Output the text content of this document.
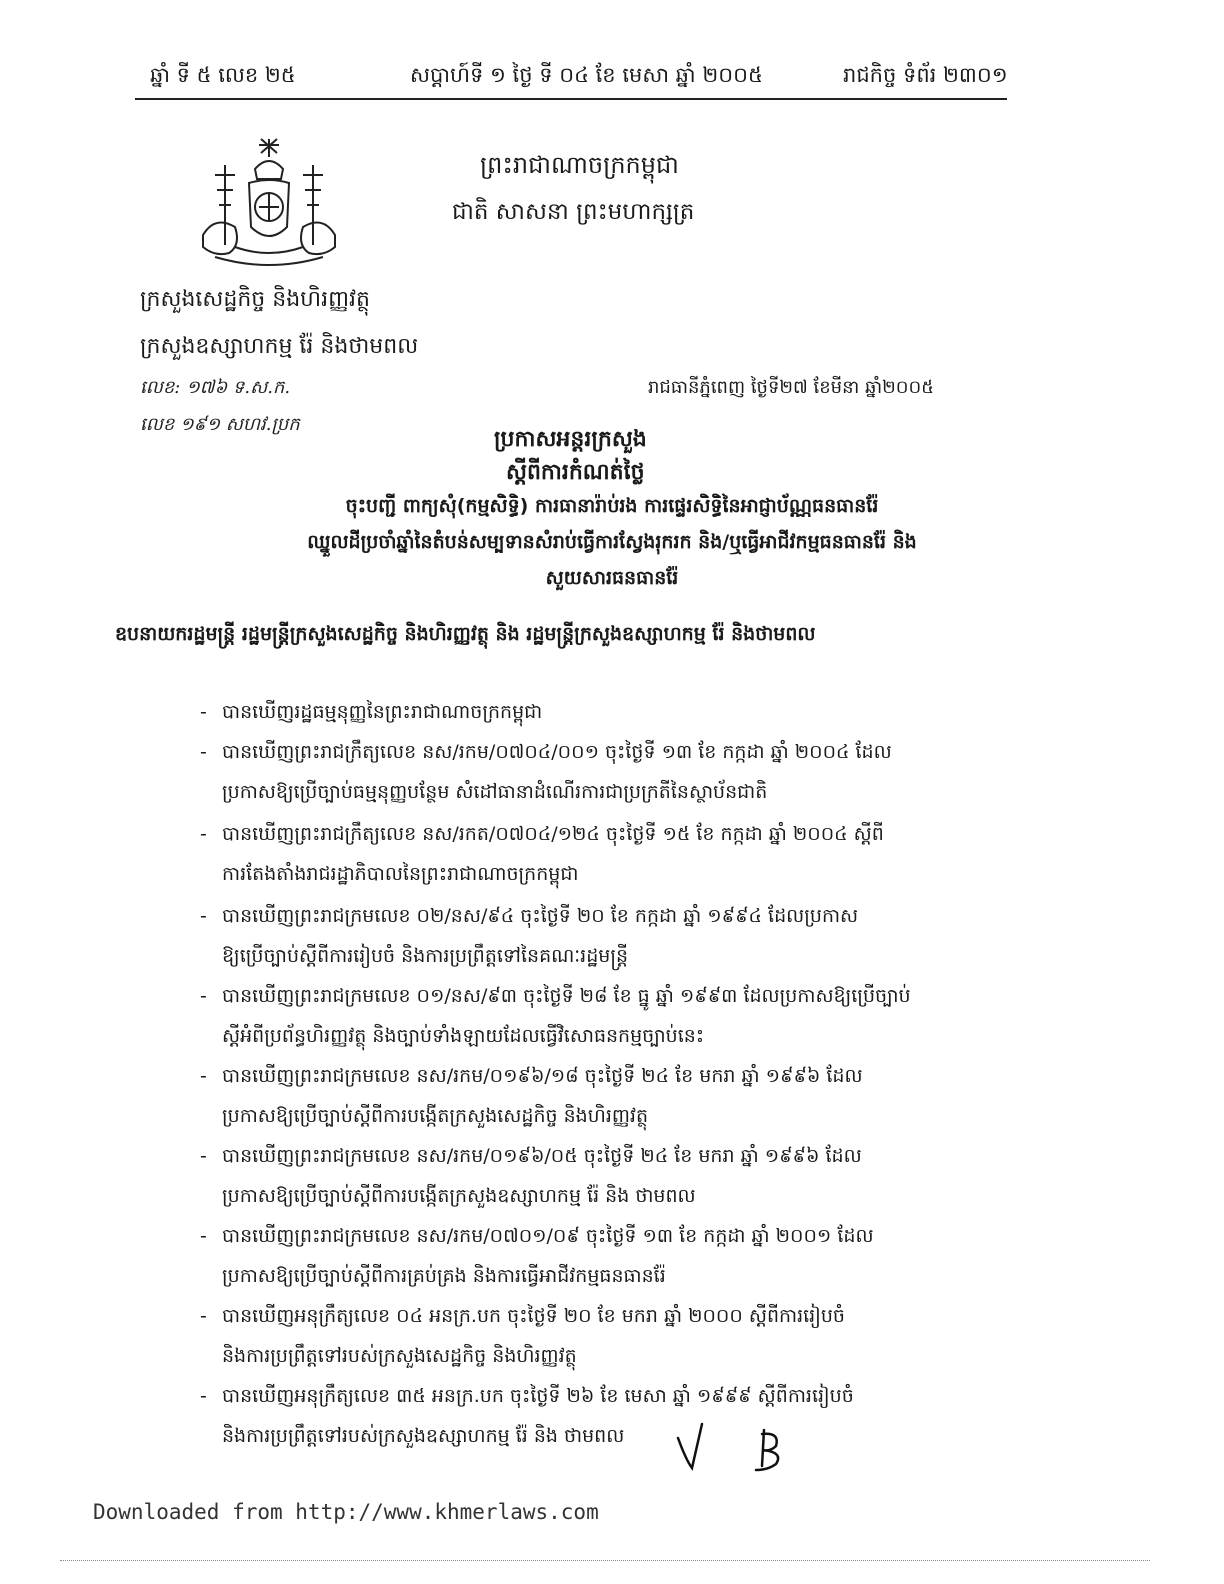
ឆ្នាំ ទី ៥ លេខ ២៥	សប្តាហ៍ទី ១ ថ្ងៃ ទី ០៤ ខែ មេសា ឆ្នាំ ២០០៥	រាជកិច្ច ទំព័រ ២៣០១
ព្រះរាជាណាចក្រកម្ពុជា
ជាតិ សាសនា ព្រះមហាក្សត្រ
ក្រសួងសេដ្ឋកិច្ច និងហិរញ្ញវត្ថុ
ក្រសួងឧស្សាហកម្ម រ៉ែ និងថាមពល
លេខ: ១៧៦ ទ.ស.ក.
លេខ ១៩១ សហវ.ប្រក
រាជធានីភ្នំពេញ ថ្ងៃទី២៧ ខែមីនា ឆ្នាំ២០០៥
ប្រកាសអន្តរក្រសួង
ស្តីពីការកំណត់ថ្លៃ
ចុះបញ្ជី ពាក្យសុំ(កម្មសិទ្ធិ) ការធានារ៉ាប់រង ការផ្ទេរសិទ្ធិនៃអាជ្ញាប័ណ្ណធនធានរ៉ែ
ឈ្នួលដីប្រចាំឆ្នាំនៃតំបន់សម្បទានសំរាប់ធ្វើការស្វែងរុករក និង/ឬធ្វើអាជីវកម្មធនធានរ៉ែ និង
សួយសារធនធានរ៉ែ
ឧបនាយករដ្ឋមន្ត្រី រដ្ឋមន្ត្រីក្រសួងសេដ្ឋកិច្ច និងហិរញ្ញវត្ថុ និង រដ្ឋមន្ត្រីក្រសួងឧស្សាហកម្ម រ៉ែ និងថាមពល
- បានឃើញរដ្ឋធម្មនុញ្ញនៃព្រះរាជាណាចក្រកម្ពុជា
- បានឃើញព្រះរាជក្រឹត្យលេខ នស/រកម/០៧០៤/០០១ ចុះថ្ងៃទី ១៣ ខែ កក្កដា ឆ្នាំ ២០០៤ ដែល
ប្រកាសឱ្យប្រើច្បាប់ធម្មនុញ្ញបន្ថែម សំដៅធានាដំណើរការជាប្រក្រតីនៃស្ថាប័នជាតិ
- បានឃើញព្រះរាជក្រឹត្យលេខ នស/រកត/០៧០៤/១២៤ ចុះថ្ងៃទី ១៥ ខែ កក្កដា ឆ្នាំ ២០០៤ ស្តីពី
ការតែងតាំងរាជរដ្ឋាភិបាលនៃព្រះរាជាណាចក្រកម្ពុជា
- បានឃើញព្រះរាជក្រមលេខ ០២/នស/៩៤ ចុះថ្ងៃទី ២០ ខែ កក្កដា ឆ្នាំ ១៩៩៤ ដែលប្រកាស
ឱ្យប្រើច្បាប់ស្តីពីការរៀបចំ និងការប្រព្រឹត្តទៅនៃគណៈរដ្ឋមន្ត្រី
- បានឃើញព្រះរាជក្រមលេខ ០១/នស/៩៣ ចុះថ្ងៃទី ២៨ ខែ ធ្នូ ឆ្នាំ ១៩៩៣ ដែលប្រកាសឱ្យប្រើច្បាប់
ស្តីអំពីប្រព័ន្ធហិរញ្ញវត្ថុ និងច្បាប់ទាំងឡាយដែលធ្វើវិសោធនកម្មច្បាប់នេះ
- បានឃើញព្រះរាជក្រមលេខ នស/រកម/០១៩៦/១៨ ចុះថ្ងៃទី ២៤ ខែ មករា ឆ្នាំ ១៩៩៦ ដែល
ប្រកាសឱ្យប្រើច្បាប់ស្តីពីការបង្កើតក្រសួងសេដ្ឋកិច្ច និងហិរញ្ញវត្ថុ
- បានឃើញព្រះរាជក្រមលេខ នស/រកម/០១៩៦/០៥ ចុះថ្ងៃទី ២៤ ខែ មករា ឆ្នាំ ១៩៩៦ ដែល
ប្រកាសឱ្យប្រើច្បាប់ស្តីពីការបង្កើតក្រសួងឧស្សាហកម្ម រ៉ែ និង ថាមពល
- បានឃើញព្រះរាជក្រមលេខ នស/រកម/០៧០១/០៩ ចុះថ្ងៃទី ១៣ ខែ កក្កដា ឆ្នាំ ២០០១ ដែល
ប្រកាសឱ្យប្រើច្បាប់ស្តីពីការគ្រប់គ្រង និងការធ្វើអាជីវកម្មធនធានរ៉ែ
- បានឃើញអនុក្រឹត្យលេខ ០៤ អនក្រ.បក ចុះថ្ងៃទី ២០ ខែ មករា ឆ្នាំ ២០០០ ស្តីពីការរៀបចំ
និងការប្រព្រឹត្តទៅរបស់ក្រសួងសេដ្ឋកិច្ច និងហិរញ្ញវត្ថុ
- បានឃើញអនុក្រឹត្យលេខ ៣៥ អនក្រ.បក ចុះថ្ងៃទី ២៦ ខែ មេសា ឆ្នាំ ១៩៩៩ ស្តីពីការរៀបចំ
និងការប្រព្រឹត្តទៅរបស់ក្រសួងឧស្សាហកម្ម រ៉ែ និង ថាមពល
Downloaded from http://www.khmerlaws.com
